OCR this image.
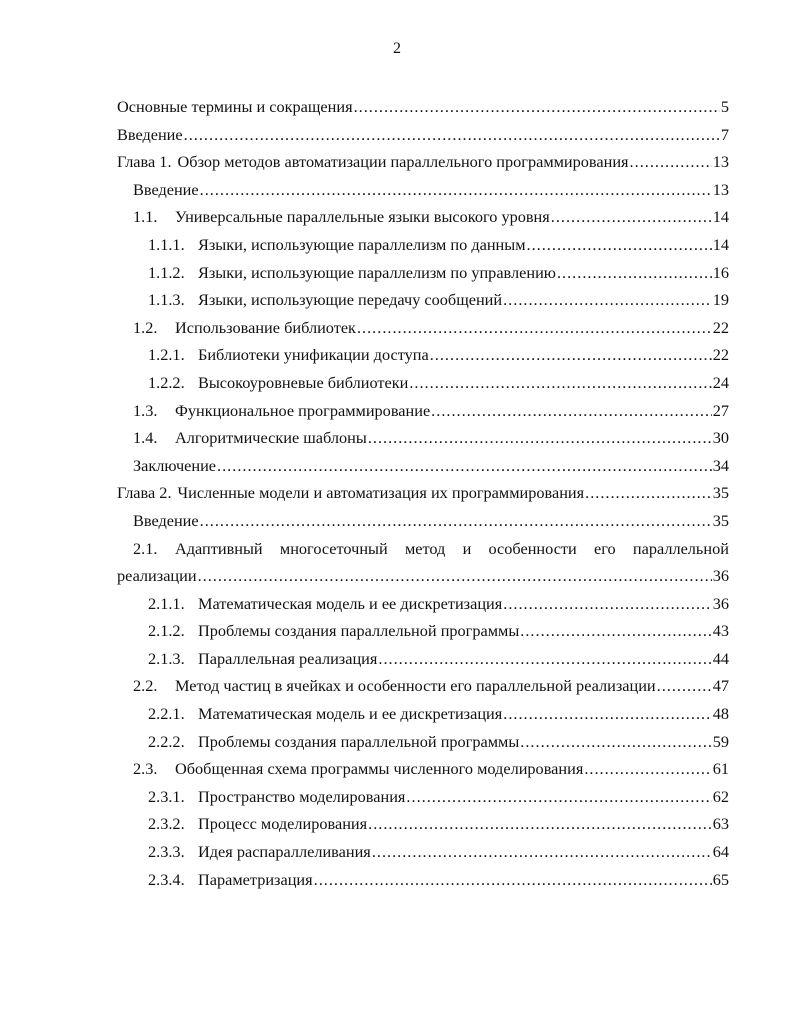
2
Основные термины и сокращения .....	5
Введение .....	7
Глава 1. Обзор методов автоматизации параллельного программирования .....	13
Введение .....	13
1.1.	Универсальные параллельные языки высокого уровня .....	14
1.1.1. Языки, использующие параллелизм по данным .....	14
1.1.2. Языки, использующие параллелизм по управлению .....	16
1.1.3. Языки, использующие передачу сообщений .....	19
1.2.	Использование библиотек .....	22
1.2.1. Библиотеки унификации доступа .....	22
1.2.2. Высокоуровневые библиотеки .....	24
1.3.	Функциональное программирование .....	27
1.4.	Алгоритмические шаблоны .....	30
Заключение .....	34
Глава 2. Численные модели и автоматизация их программирования .....	35
Введение .....	35
2.1.	Адаптивный многосеточный метод и особенности его параллельной
реализации .....	36
2.1.1. Математическая модель и ее дискретизация .....	36
2.1.2. Проблемы создания параллельной программы .....	43
2.1.3. Параллельная реализация .....	44
2.2.	Метод частиц в ячейках и особенности его параллельной реализации .....	47
2.2.1. Математическая модель и ее дискретизация .....	48
2.2.2. Проблемы создания параллельной программы .....	59
2.3.	Обобщенная схема программы численного моделирования .....	61
2.3.1. Пространство моделирования .....	62
2.3.2. Процесс моделирования .....	63
2.3.3. Идея распараллеливания .....	64
2.3.4. Параметризация .....	65
